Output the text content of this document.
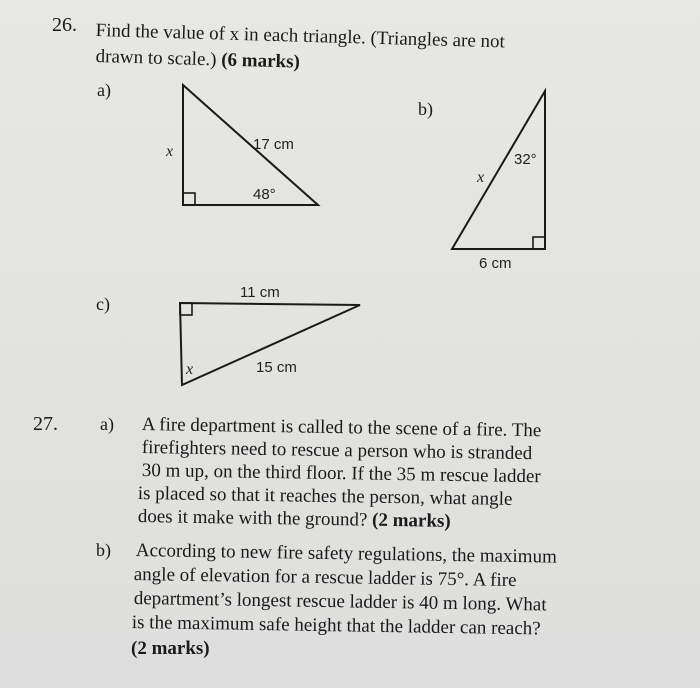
26. Find the value of x in each triangle. (Triangles are not
drawn to scale.) (6 marks)
a)
17 cm
x
48°
b)
32°
x
6 cm
c)
11 cm
x	15 cm
27. a) A fire department is called to the scene of a fire. The
firefighters need to rescue a person who is stranded
30 m up, on the third floor. If the 35 m rescue ladder
is placed so that it reaches the person, what angle
does it make with the ground? (2 marks)
b) According to new fire safety regulations, the maximum
angle of elevation for a rescue ladder is 75°. A fire
department’s longest rescue ladder is 40 m long. What
is the maximum safe height that the ladder can reach?
(2 marks)
